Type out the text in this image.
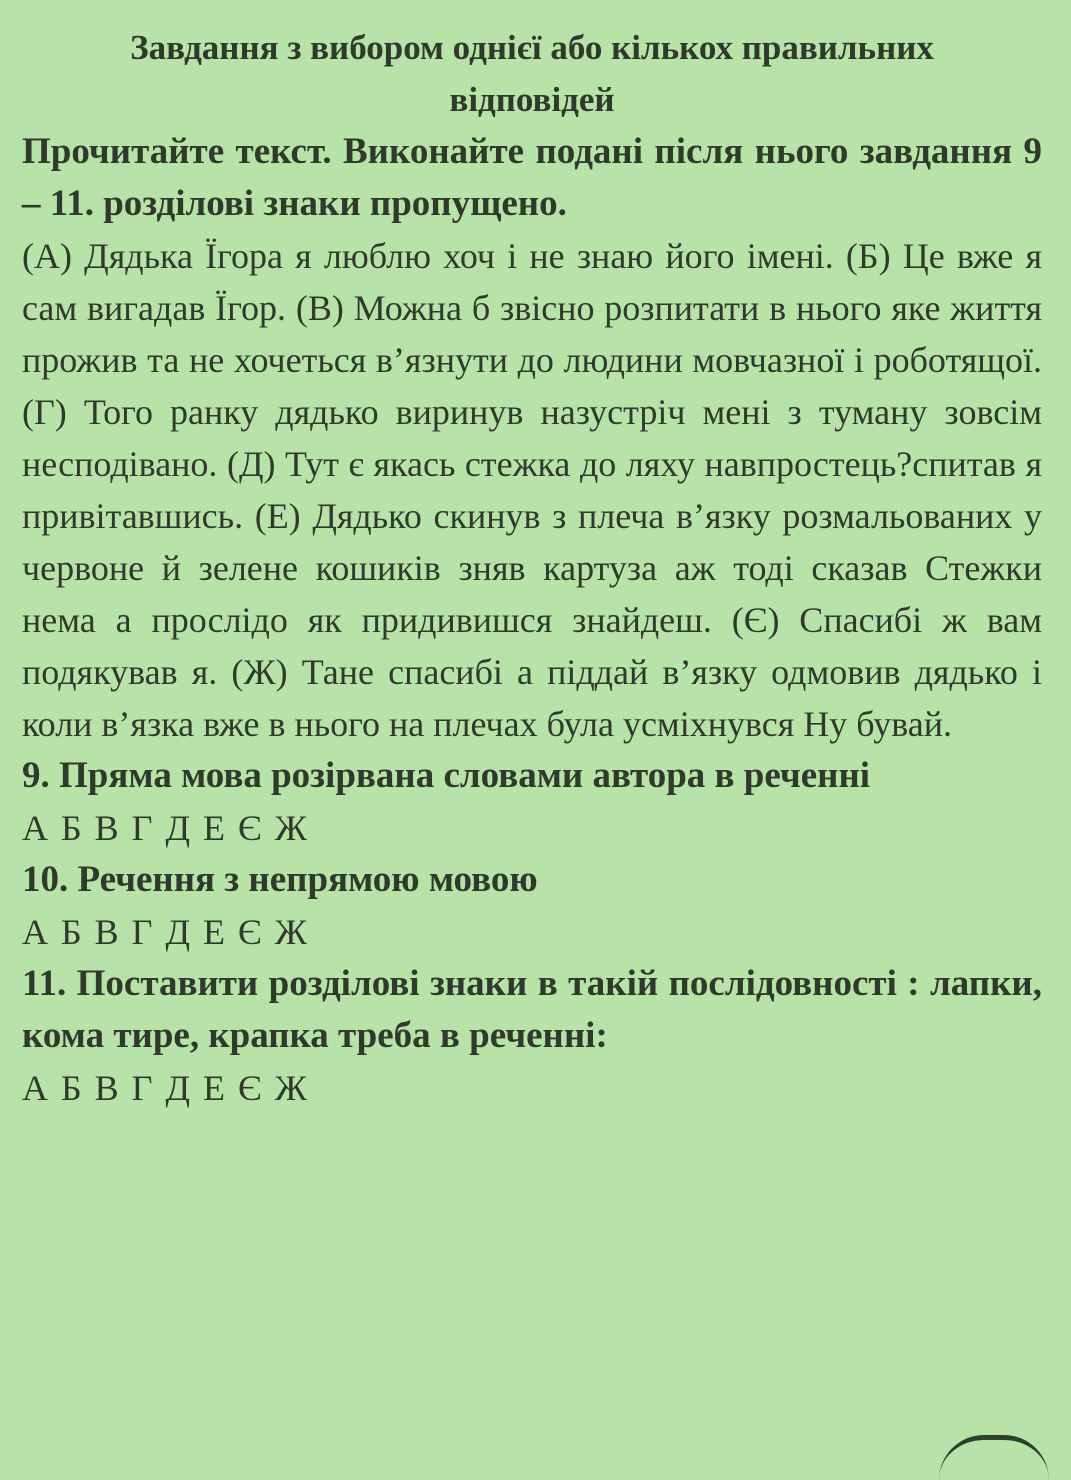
Завдання з вибором однієї або кількох правильних відповідей

Прочитайте текст. Виконайте подані після нього завдання 9 – 11. розділові знаки пропущено.

(А) Дядька Їгора я люблю хоч і не знаю його імені. (Б) Це вже я сам вигадав Їгор. (В) Можна б звісно розпитати в нього яке життя прожив та не хочеться в’язнути до людини мовчазної і роботящої. (Г) Того ранку дядько виринув назустріч мені з туману зовсім несподівано. (Д) Тут є якась стежка до ляху навпростець?спитав я привітавшись. (Е) Дядько скинув з плеча в’язку розмальованих у червоне й зелене кошиків зняв картуза аж тоді сказав Стежки нема а прослідо як придивишся знайдеш. (Є) Спасибі ж вам подякував я. (Ж) Тане спасибі а піддай в’язку одмовив дядько і коли в’язка вже в нього на плечах була усміхнувся Ну бувай.

9. Пряма мова розірвана словами автора в реченні

А Б В Г Д Е Є Ж

10. Речення з непрямою мовою

А Б В Г Д Е Є Ж

11. Поставити розділові знаки в такій послідовності : лапки, кома тире, крапка треба в реченні:

А Б В Г Д Е Є Ж
